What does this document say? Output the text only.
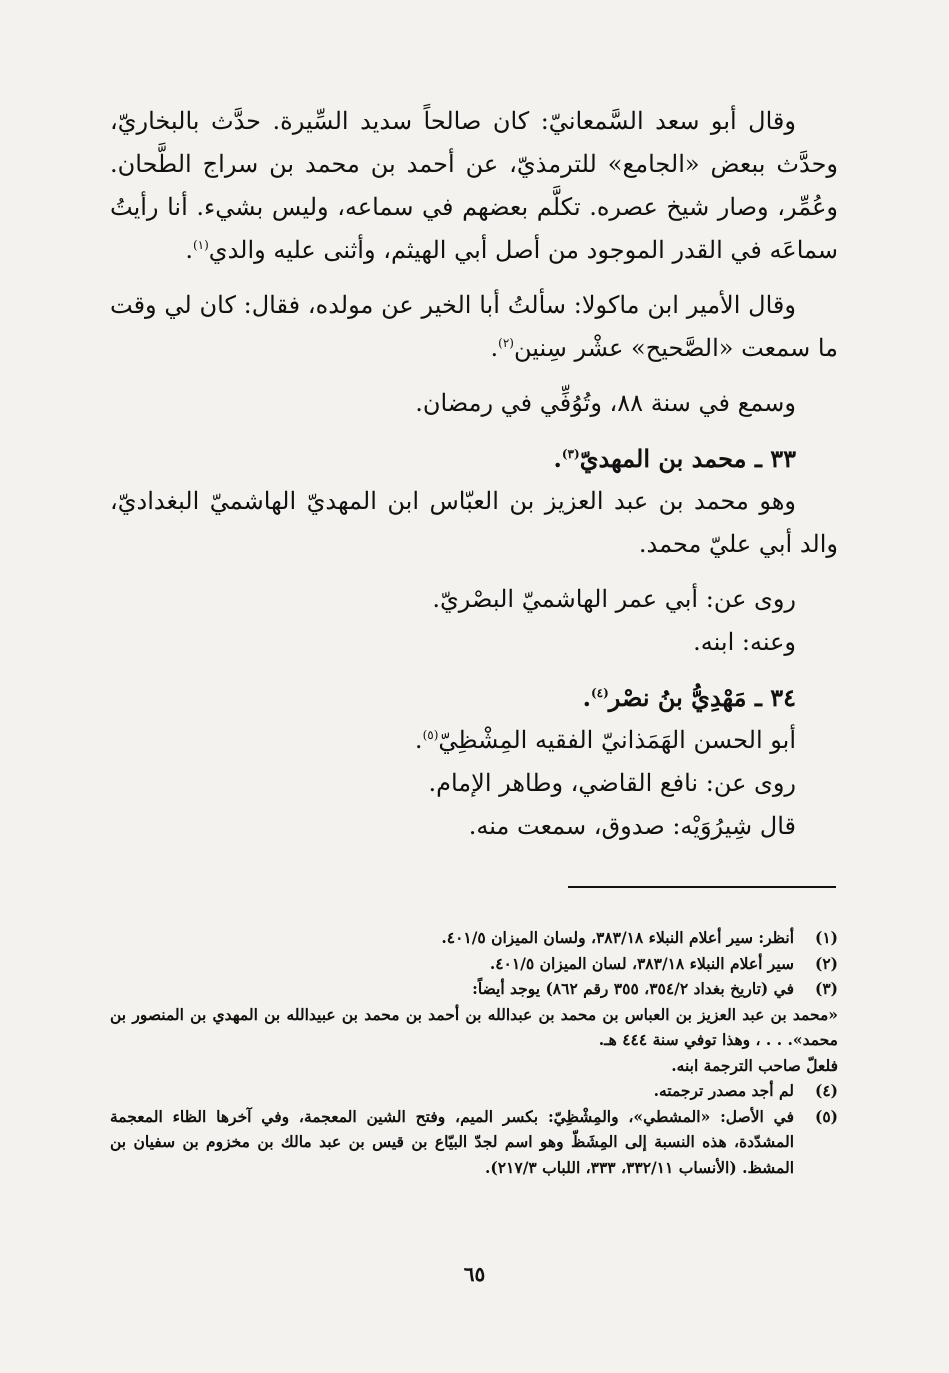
وقال أبو سعد السَّمعانيّ: كان صالحاً سديد السِّيرة. حدَّث بالبخاريّ، وحدَّث ببعض «الجامع» للترمذيّ، عن أحمد بن محمد بن سراج الطَّحان. وعُمِّر، وصار شيخ عصره. تكلَّم بعضهم في سماعه، وليس بشيء. أنا رأيتُ سماعَه في القدر الموجود من أصل أبي الهيثم، وأثنى عليه والدي$^{(١)}$.

وقال الأمير ابن ماكولا: سألتُ أبا الخير عن مولده، فقال: كان لي وقت ما سمعت «الصَّحيح» عشْر سِنين$^{(٢)}$.

وسمع في سنة ٨٨، وتُوُفِّي في رمضان.

٣٣ ـ محمد بن المهديّ$^{(٣)}$.

وهو محمد بن عبد العزيز بن العبّاس ابن المهديّ الهاشميّ البغداديّ، والد أبي عليّ محمد.

روى عن: أبي عمر الهاشميّ البصْريّ.

وعنه: ابنه.

٣٤ ـ مَهْدِيُّ بنُ نصْر$^{(٤)}$.

أبو الحسن الهَمَذانيّ الفقيه المِشْظِيّ$^{(٥)}$.

روى عن: نافع القاضي، وطاهر الإمام.

قال شِيرُوَيْه: صدوق، سمعت منه.

(١)
أنظر: سير أعلام النبلاء ٣٨٣/١٨، ولسان الميزان ٤٠١/٥.
(٢)
سير أعلام النبلاء ٣٨٣/١٨، لسان الميزان ٤٠١/٥.
(٣)
في (تاريخ بغداد ٣٥٤/٢، ٣٥٥ رقم ٨٦٢) يوجد أيضاً:
«محمد بن عبد العزيز بن العباس بن محمد بن عبدالله بن أحمد بن محمد بن عبيدالله بن المهدي بن المنصور بن محمد». . . ، وهذا توفي سنة ٤٤٤ هـ.
فلعلّ صاحب الترجمة ابنه.
(٤)
لم أجد مصدر ترجمته.
(٥)
في الأصل: «المشطي»، والمِشْظِيّ: بكسر الميم، وفتح الشين المعجمة، وفي آخرها الظاء المعجمة المشدّدة، هذه النسبة إلى المِشَظّ وهو اسم لجدّ البيّاع بن قيس بن عبد مالك بن مخزوم بن سفيان بن المشظ. (الأنساب ٣٣٢/١١، ٣٣٣، اللباب ٢١٧/٣).
٦٥
